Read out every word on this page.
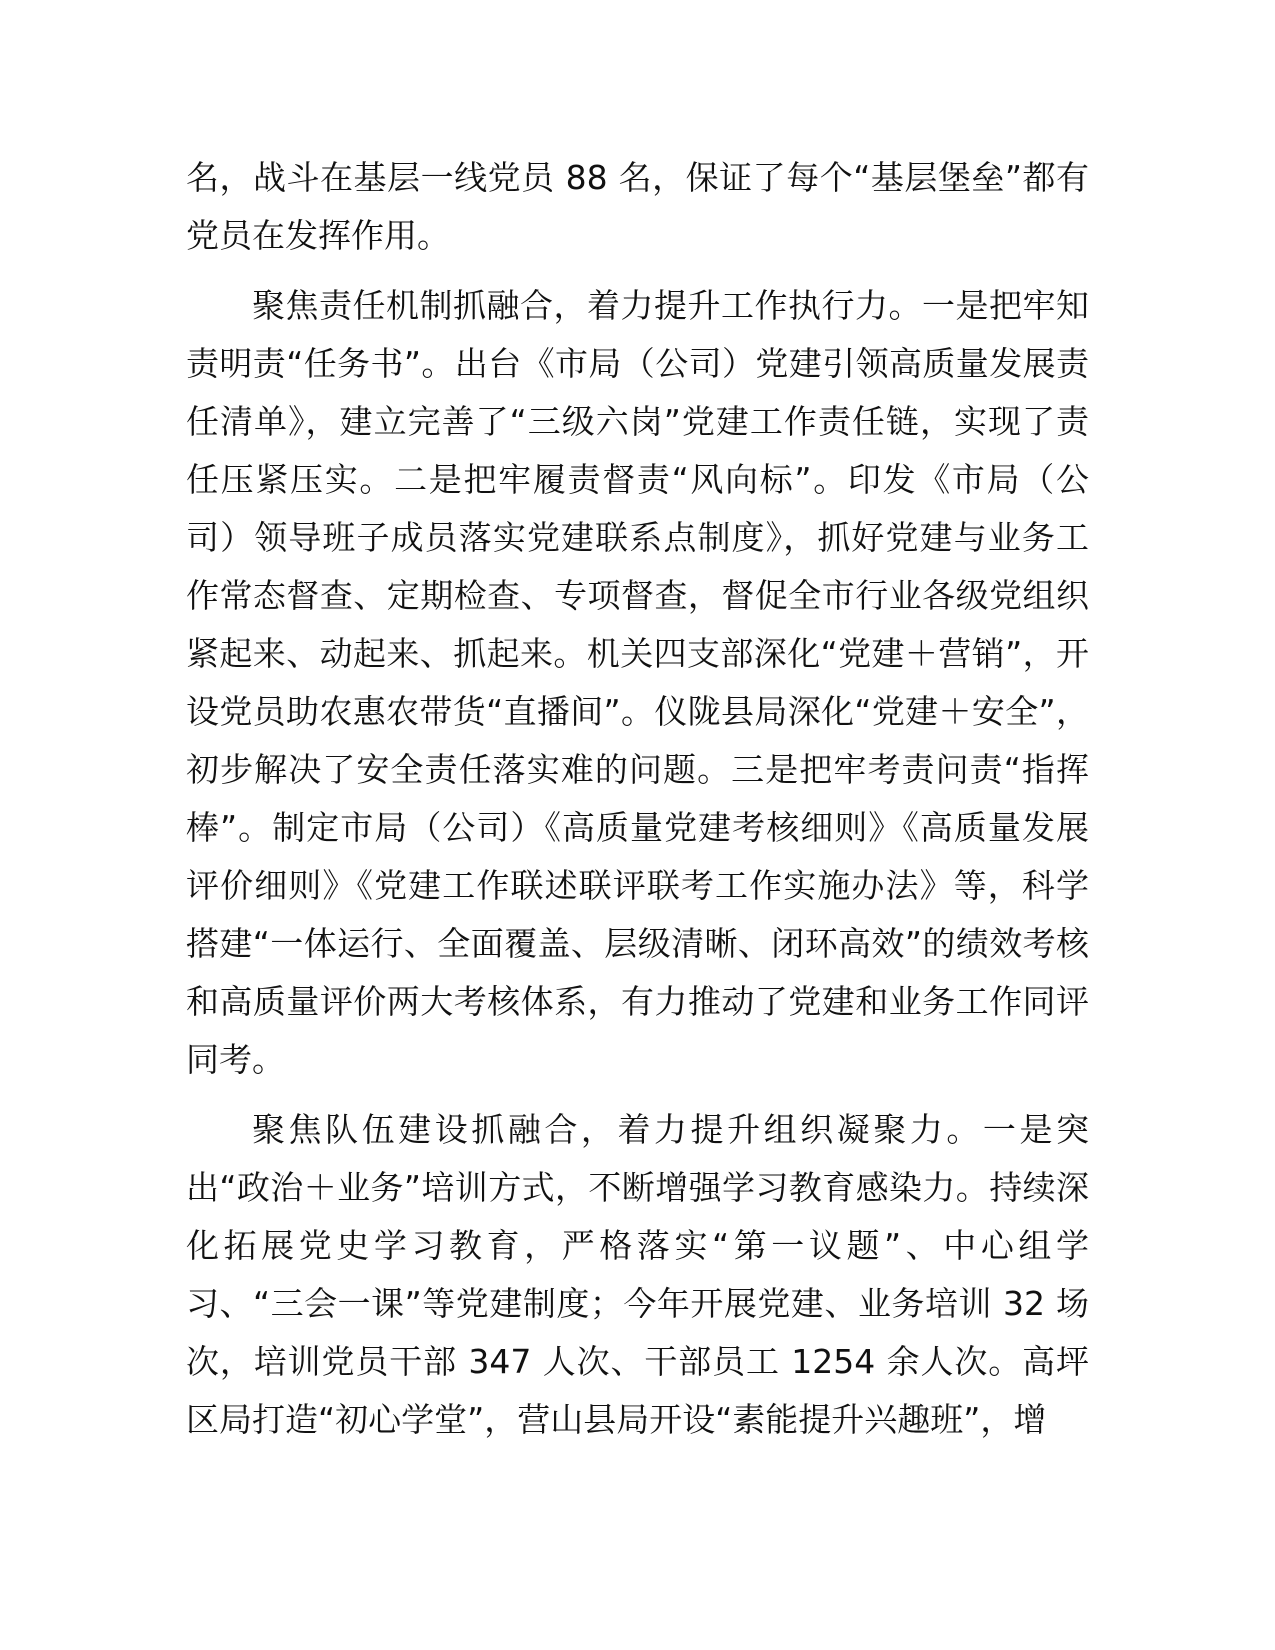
名，战斗在基层一线党员 88 名，保证了每个“基层堡垒”都有党员在发挥作用。

聚焦责任机制抓融合，着力提升工作执行力。一是把牢知责明责“任务书”。出台《市局（公司）党建引领高质量发展责任清单》，建立完善了“三级六岗”党建工作责任链，实现了责任压紧压实。二是把牢履责督责“风向标”。印发《市局（公司）领导班子成员落实党建联系点制度》，抓好党建与业务工作常态督查、定期检查、专项督查，督促全市行业各级党组织紧起来、动起来、抓起来。机关四支部深化“党建＋营销”，开设党员助农惠农带货“直播间”。仪陇县局深化“党建＋安全”，初步解决了安全责任落实难的问题。三是把牢考责问责“指挥棒”。制定市局（公司）《高质量党建考核细则》《高质量发展评价细则》《党建工作联述联评联考工作实施办法》等，科学搭建“一体运行、全面覆盖、层级清晰、闭环高效”的绩效考核和高质量评价两大考核体系，有力推动了党建和业务工作同评同考。

聚焦队伍建设抓融合，着力提升组织凝聚力。一是突出“政治＋业务”培训方式，不断增强学习教育感染力。持续深化拓展党史学习教育，严格落实“第一议题”、中心组学习、“三会一课”等党建制度；今年开展党建、业务培训 32 场次，培训党员干部 347 人次、干部员工 1254 余人次。高坪区局打造“初心学堂”，营山县局开设“素能提升兴趣班”，增
